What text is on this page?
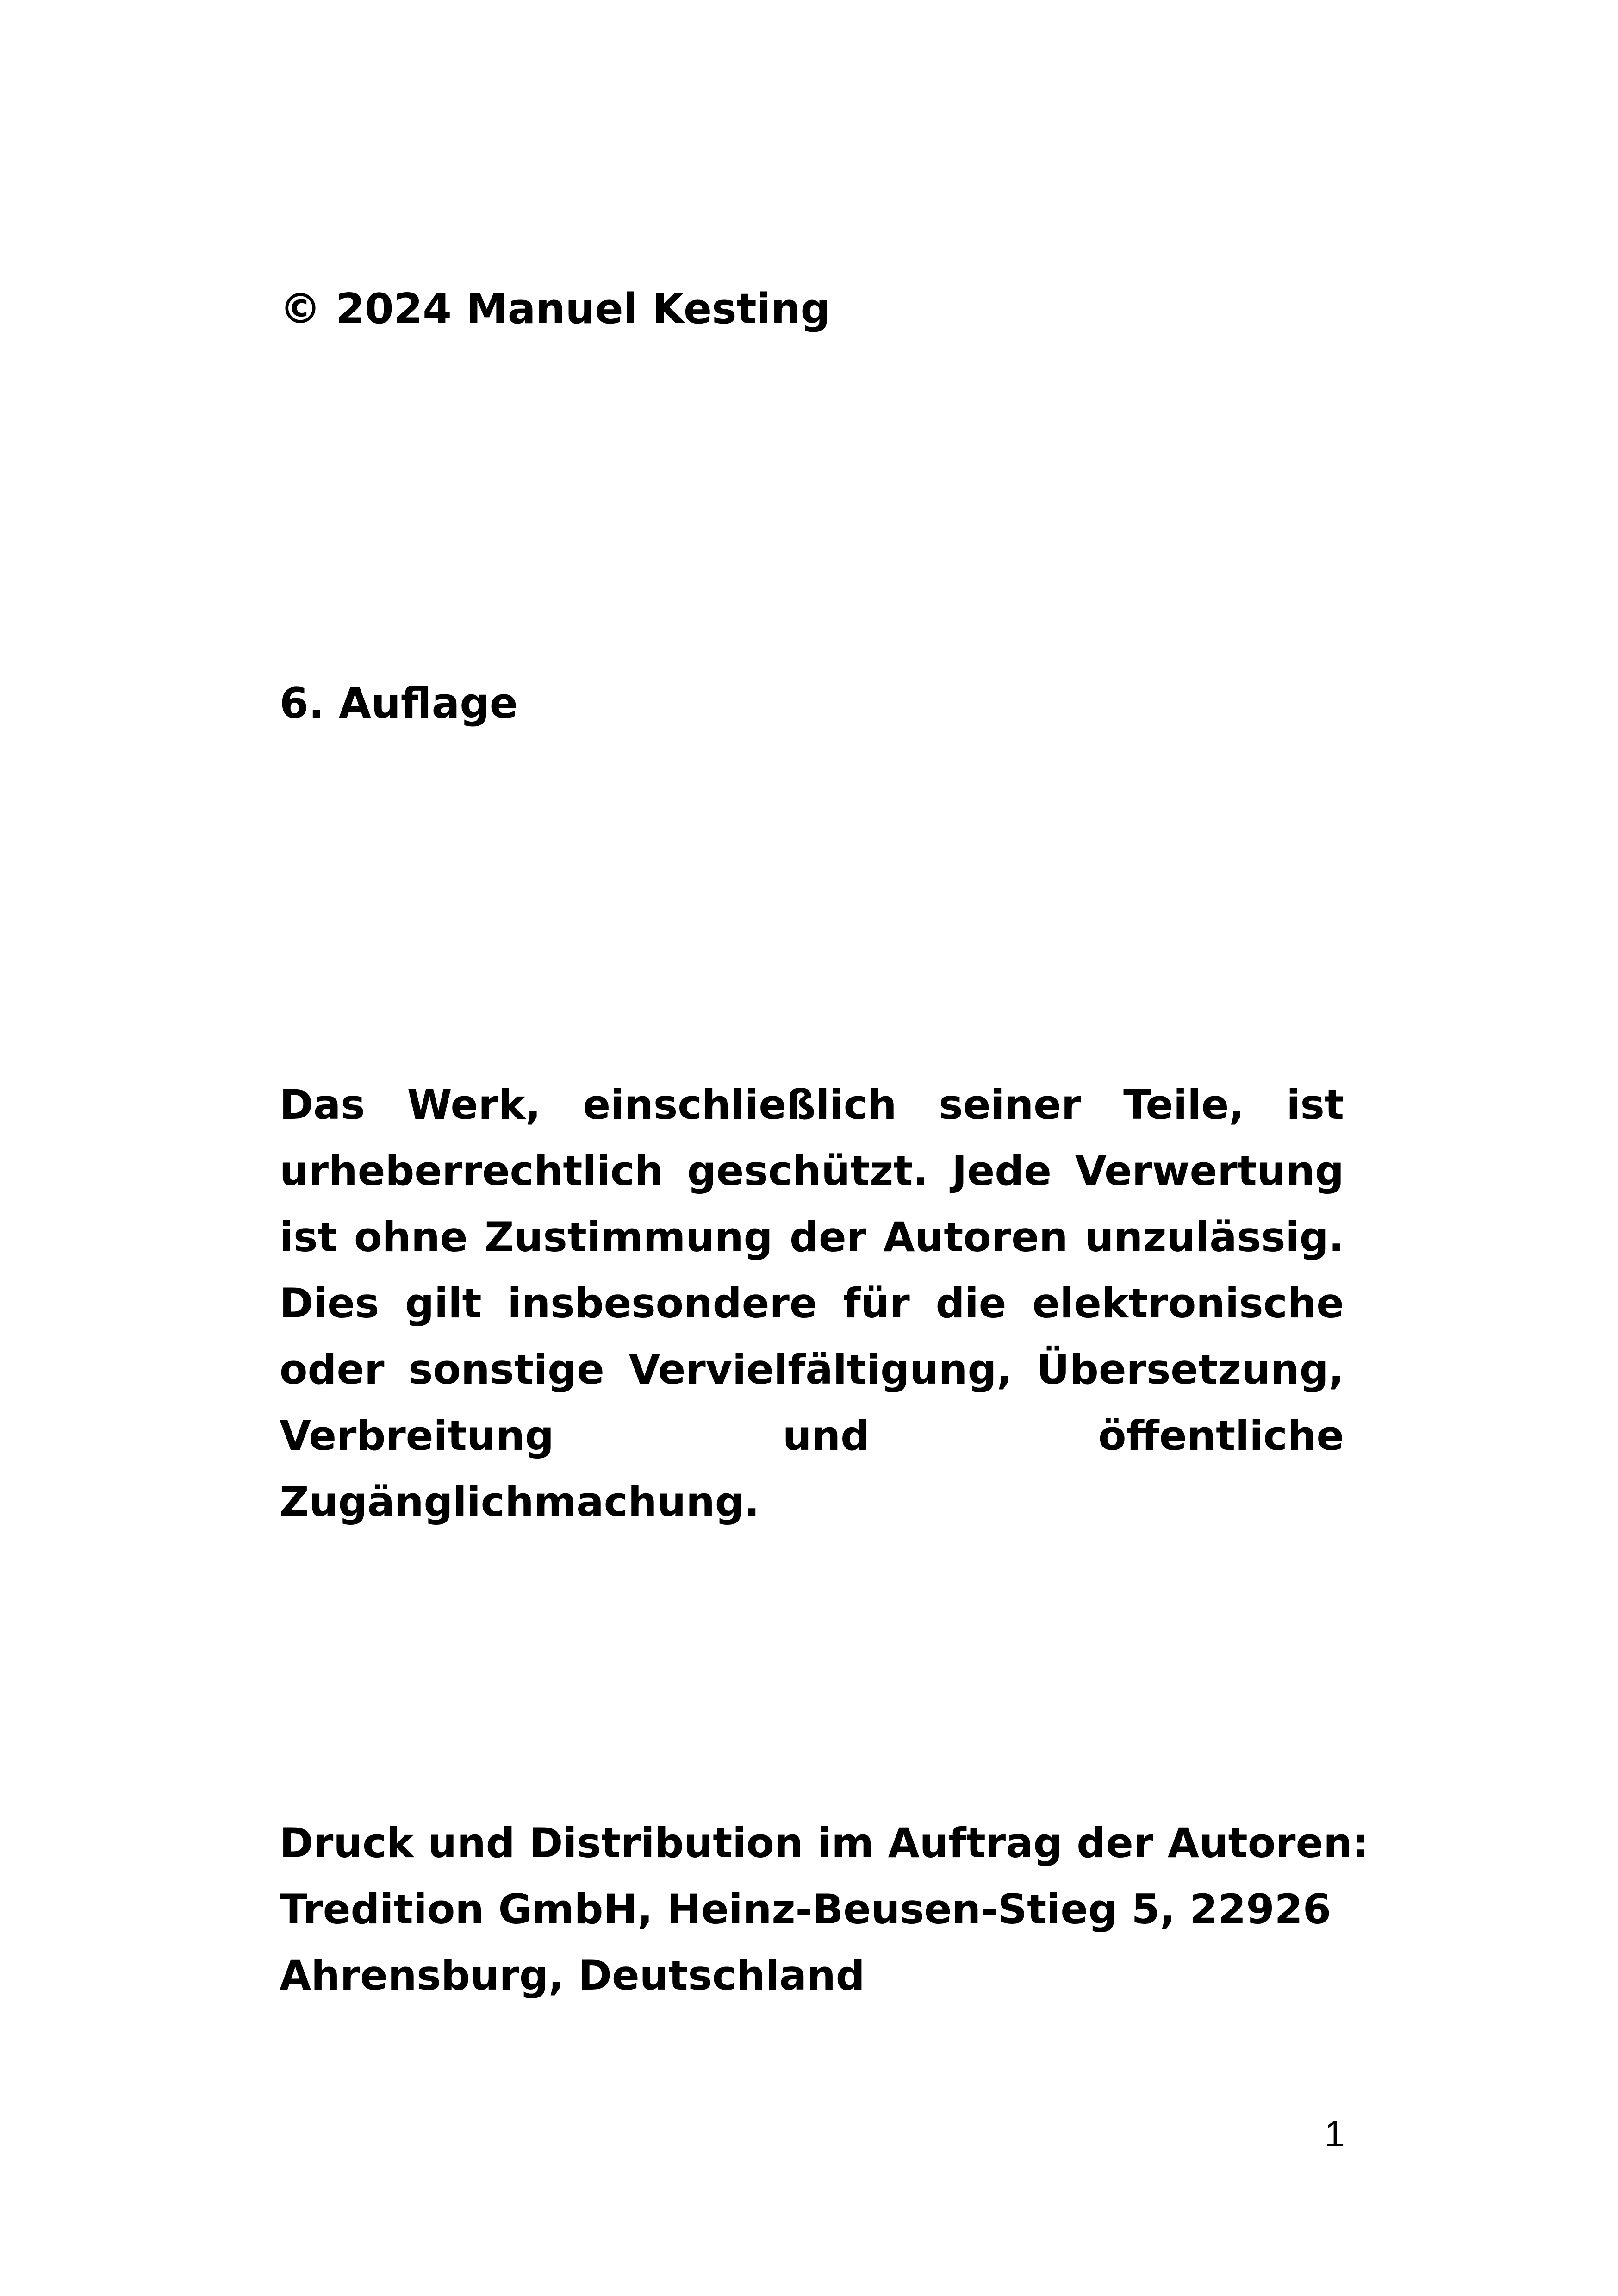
© 2024 Manuel Kesting
6. Auflage
Das Werk, einschließlich seiner Teile, ist urheberrechtlich geschützt. Jede Verwertung ist ohne Zustimmung der Autoren unzulässig. Dies gilt insbesondere für die elektronische oder sonstige Vervielfältigung, Übersetzung, Verbreitung und öffentliche Zugänglichmachung.
Druck und Distribution im Auftrag der Autoren:
Tredition GmbH, Heinz-Beusen-Stieg 5, 22926
Ahrensburg, Deutschland
1
